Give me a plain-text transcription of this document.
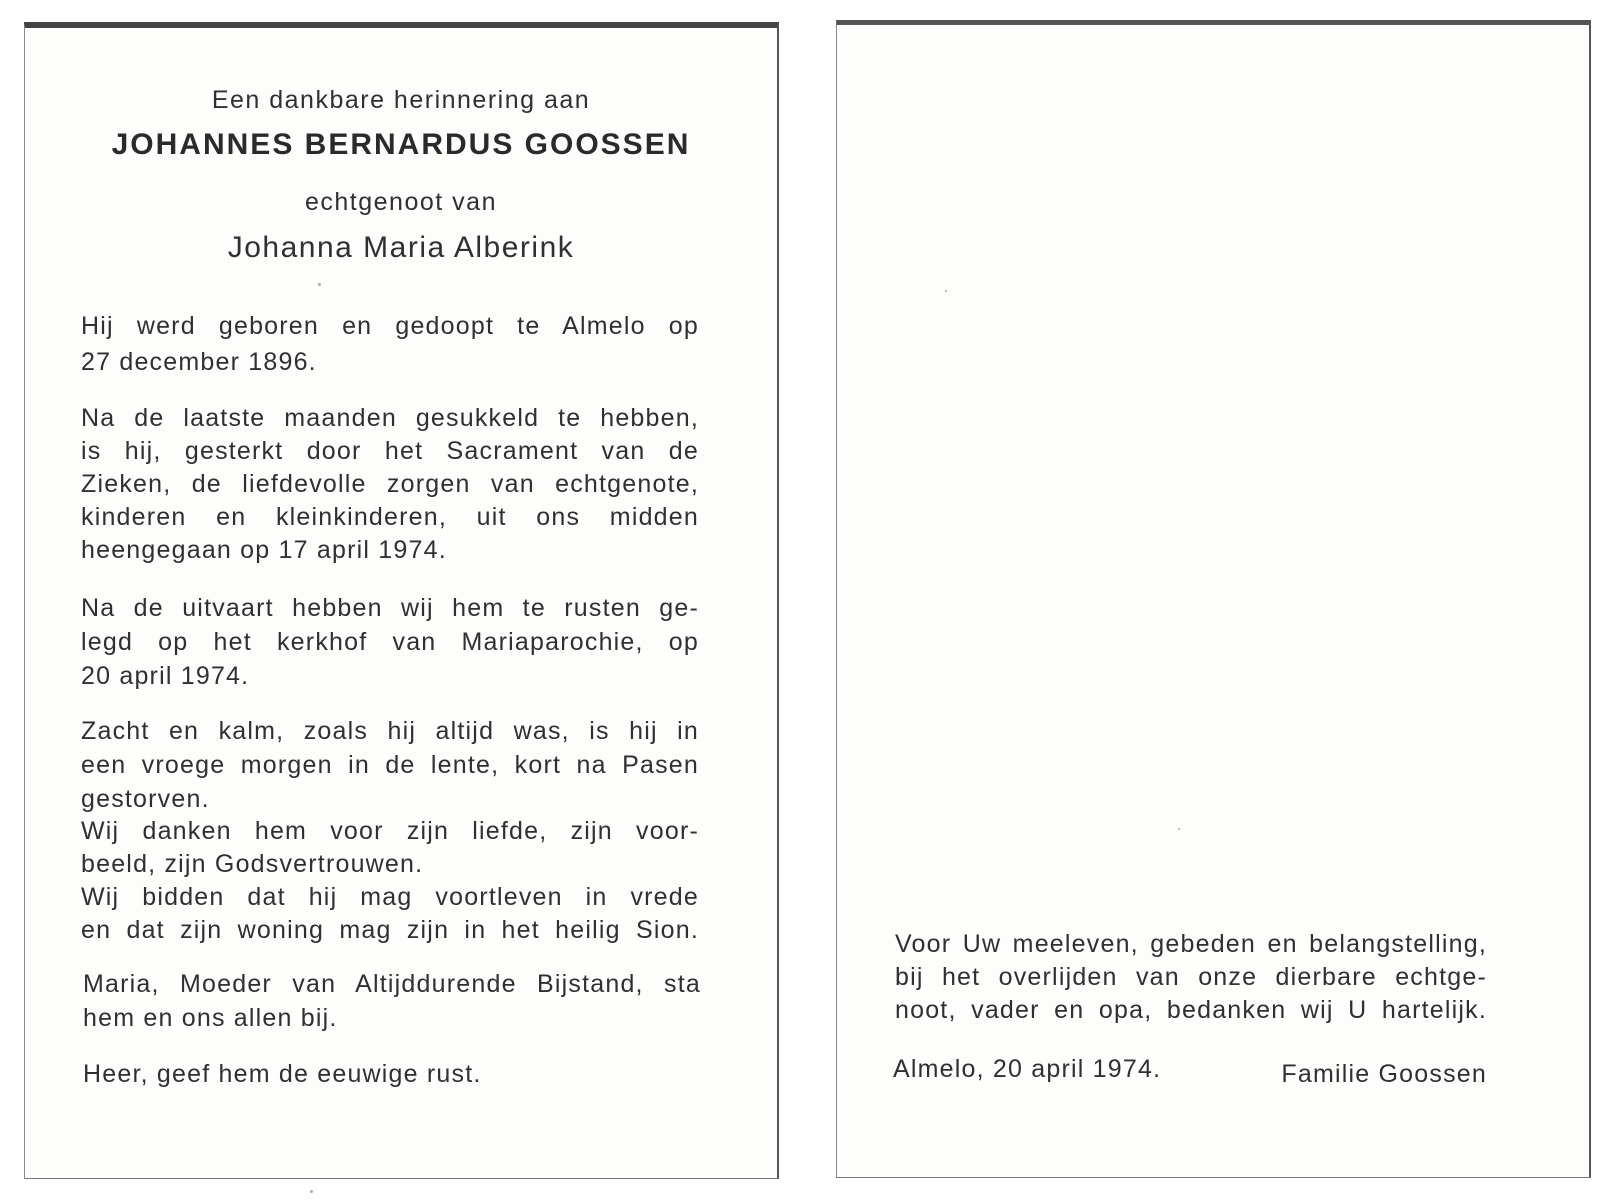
Een dankbare herinnering aan
JOHANNES BERNARDUS GOOSSEN
echtgenoot van
Johanna Maria Alberink
Hij werd geboren en gedoopt te Almelo op
27 december 1896.
Na de laatste maanden gesukkeld te hebben,
is hij, gesterkt door het Sacrament van de
Zieken, de liefdevolle zorgen van echtgenote,
kinderen en kleinkinderen, uit ons midden
heengegaan op 17 april 1974.
Na de uitvaart hebben wij hem te rusten ge-
legd op het kerkhof van Mariaparochie, op
20 april 1974.
Zacht en kalm, zoals hij altijd was, is hij in
een vroege morgen in de lente, kort na Pasen
gestorven.
Wij danken hem voor zijn liefde, zijn voor-
beeld, zijn Godsvertrouwen.
Wij bidden dat hij mag voortleven in vrede
en dat zijn woning mag zijn in het heilig Sion.
Maria, Moeder van Altijddurende Bijstand, sta
hem en ons allen bij.
Heer, geef hem de eeuwige rust.
Voor Uw meeleven, gebeden en belangstelling,
bij het overlijden van onze dierbare echtge-
noot, vader en opa, bedanken wij U hartelijk.
Almelo, 20 april 1974.	Familie Goossen
